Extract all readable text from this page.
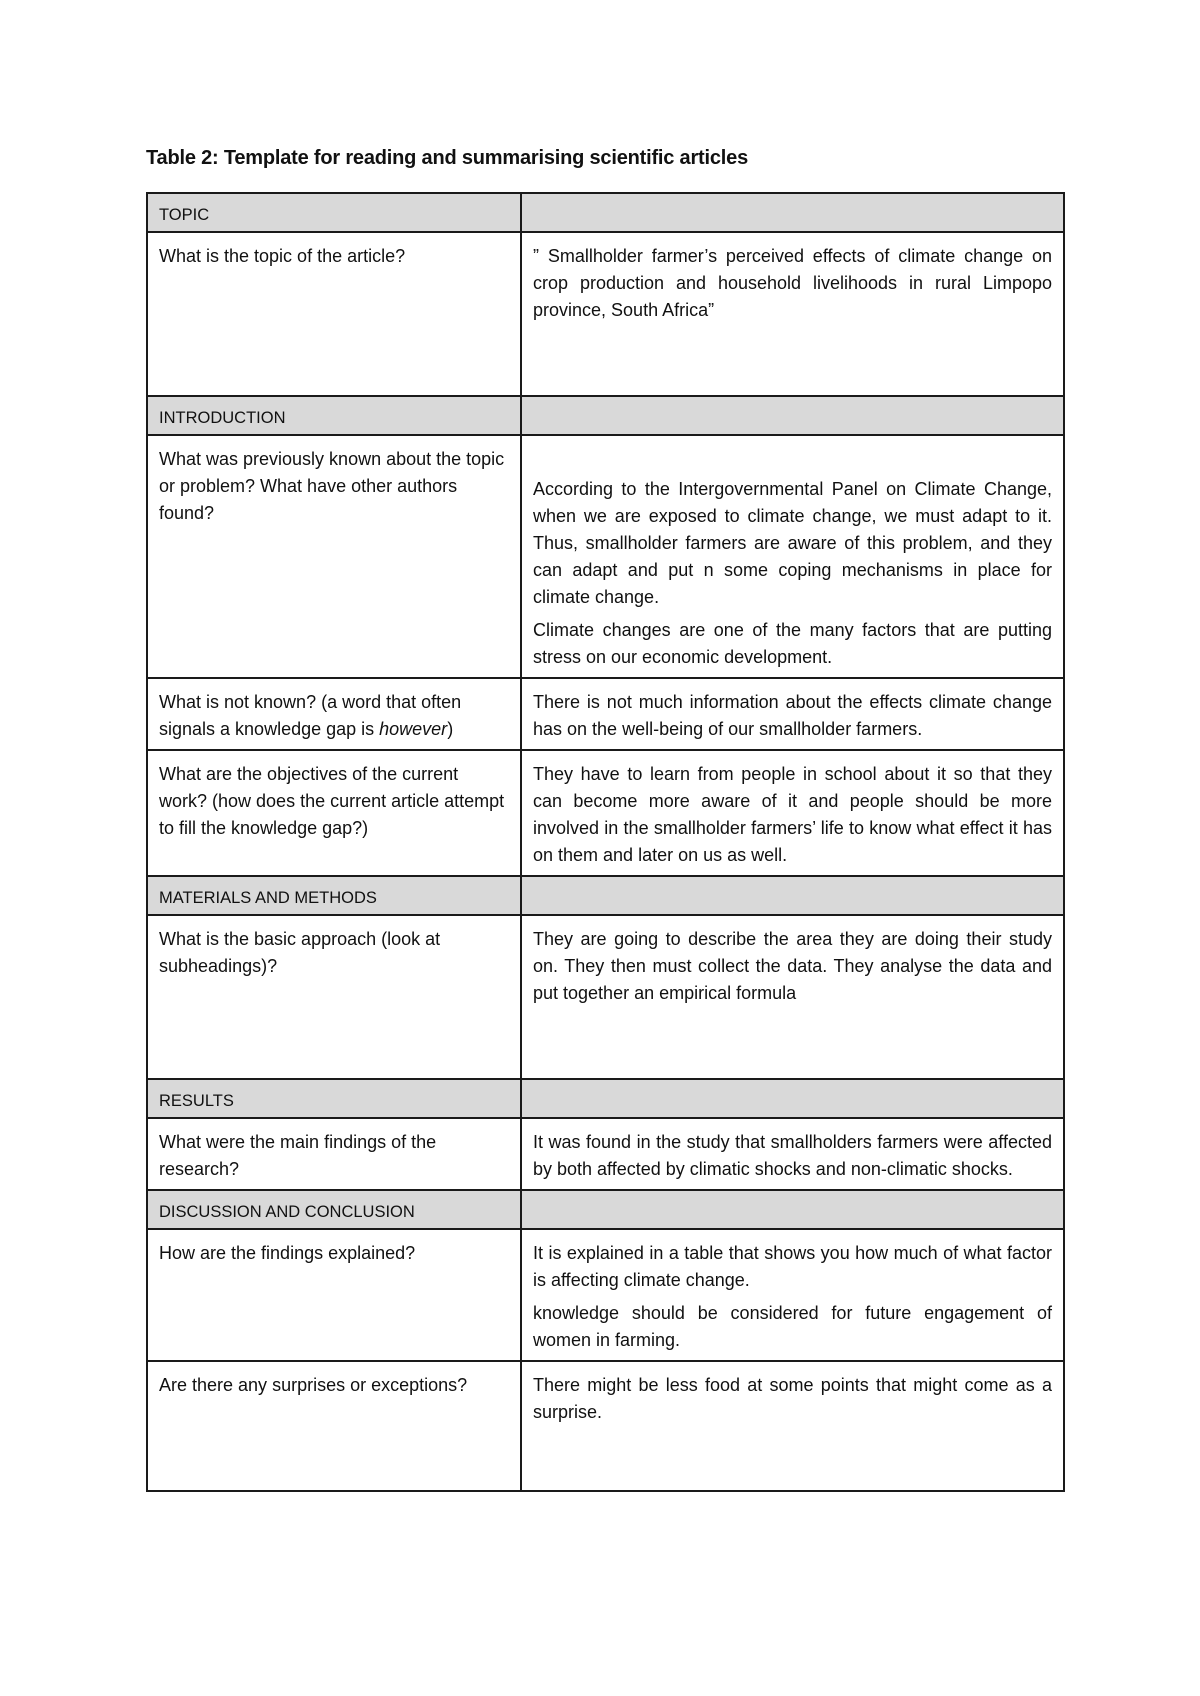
Table 2: Template for reading and summarising scientific articles
TOPIC	
What is the topic of the article?	” Smallholder farmer’s perceived effects of climate change on crop production and household livelihoods in rural Limpopo province, South Africa”

INTRODUCTION	
What was previously known about the topic or problem? What have other authors found?	According to the Intergovernmental Panel on Climate Change, when we are exposed to climate change, we must adapt to it. Thus, smallholder farmers are aware of this problem, and they can adapt and put n some coping mechanisms in place for climate change.

Climate changes are one of the many factors that are putting stress on our economic development.

What is not known? (a word that often signals a knowledge gap is however)	There is not much information about the effects climate change has on the well-being of our smallholder farmers.

What are the objectives of the current work? (how does the current article attempt to fill the knowledge gap?)	They have to learn from people in school about it so that they can become more aware of it and people should be more involved in the smallholder farmers’ life to know what effect it has on them and later on us as well.

MATERIALS AND METHODS	
What is the basic approach (look at subheadings)?	They are going to describe the area they are doing their study on. They then must collect the data. They analyse the data and put together an empirical formula

RESULTS	
What were the main findings of the research?	It was found in the study that smallholders farmers were affected by both affected by climatic shocks and non-climatic shocks.

DISCUSSION AND CONCLUSION	
How are the findings explained?	It is explained in a table that shows you how much of what factor is affecting climate change.

knowledge should be considered for future engagement of women in farming.

Are there any surprises or exceptions?	There might be less food at some points that might come as a surprise.
